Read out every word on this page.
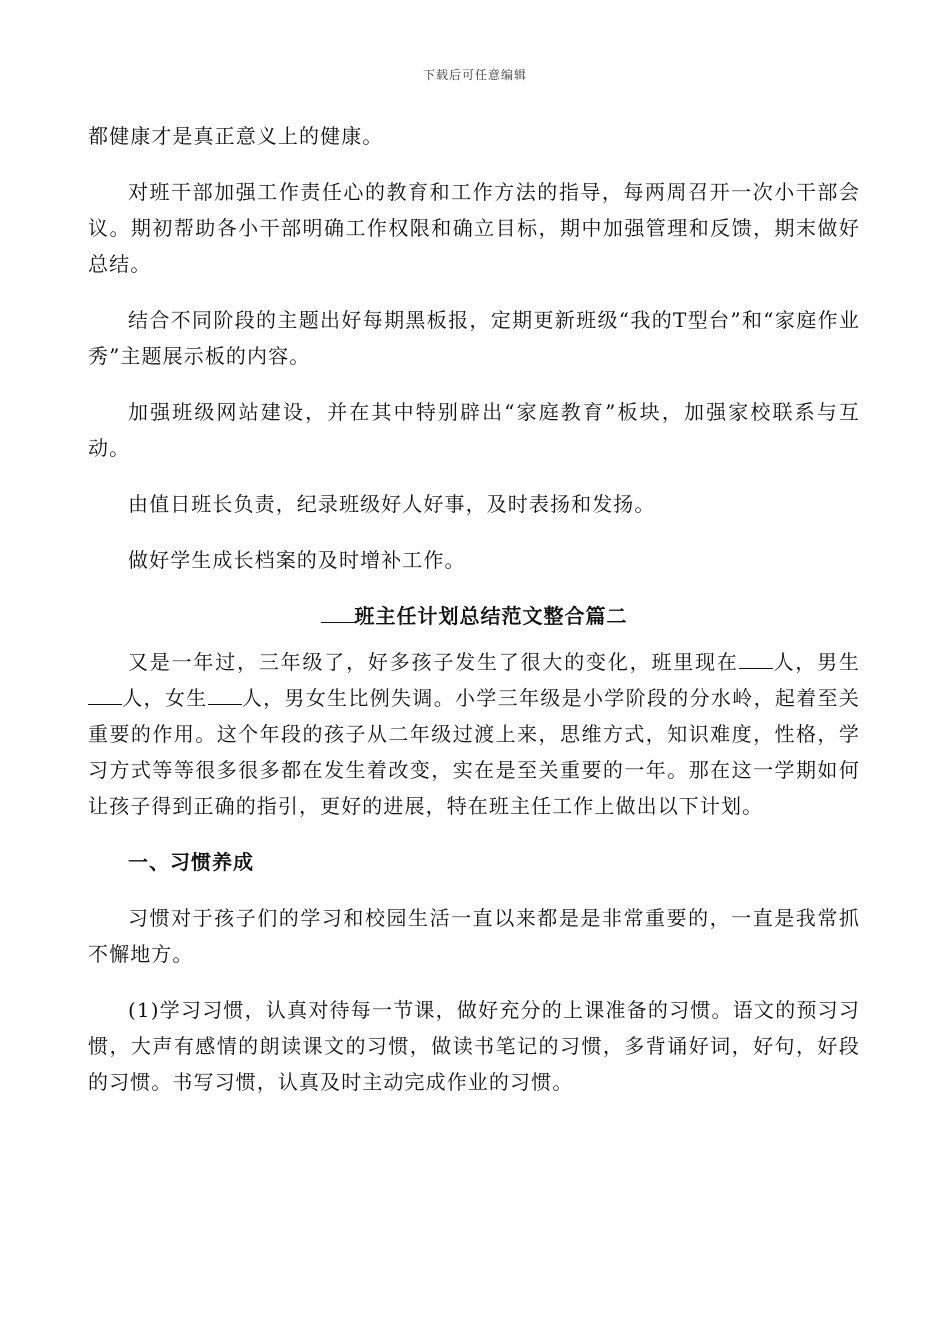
下载后可任意编辑

都健康才是真正意义上的健康。

对班干部加强工作责任心的教育和工作方法的指导，每两周召开一次小干部会议。期初帮助各小干部明确工作权限和确立目标，期中加强管理和反馈，期末做好总结。

结合不同阶段的主题出好每期黑板报，定期更新班级“我的T型台”和“家庭作业秀”主题展示板的内容。

加强班级网站建设，并在其中特别辟出“家庭教育”板块，加强家校联系与互动。

由值日班长负责，纪录班级好人好事，及时表扬和发扬。

做好学生成长档案的及时增补工作。

班主任计划总结范文整合篇二

又是一年过，三年级了，好多孩子发生了很大的变化，班里现在 人，男生人，女生 人，男女生比例失调。小学三年级是小学阶段的分水岭，起着至关重要的作用。这个年段的孩子从二年级过渡上来，思维方式，知识难度，性格，学习方式等等很多很多都在发生着改变，实在是至关重要的一年。那在这一学期如何让孩子得到正确的指引，更好的进展，特在班主任工作上做出以下计划。

一、习惯养成

习惯对于孩子们的学习和校园生活一直以来都是是非常重要的，一直是我常抓不懈地方。

(1)学习习惯，认真对待每一节课，做好充分的上课准备的习惯。语文的预习习惯，大声有感情的朗读课文的习惯，做读书笔记的习惯，多背诵好词，好句，好段的习惯。书写习惯，认真及时主动完成作业的习惯。
